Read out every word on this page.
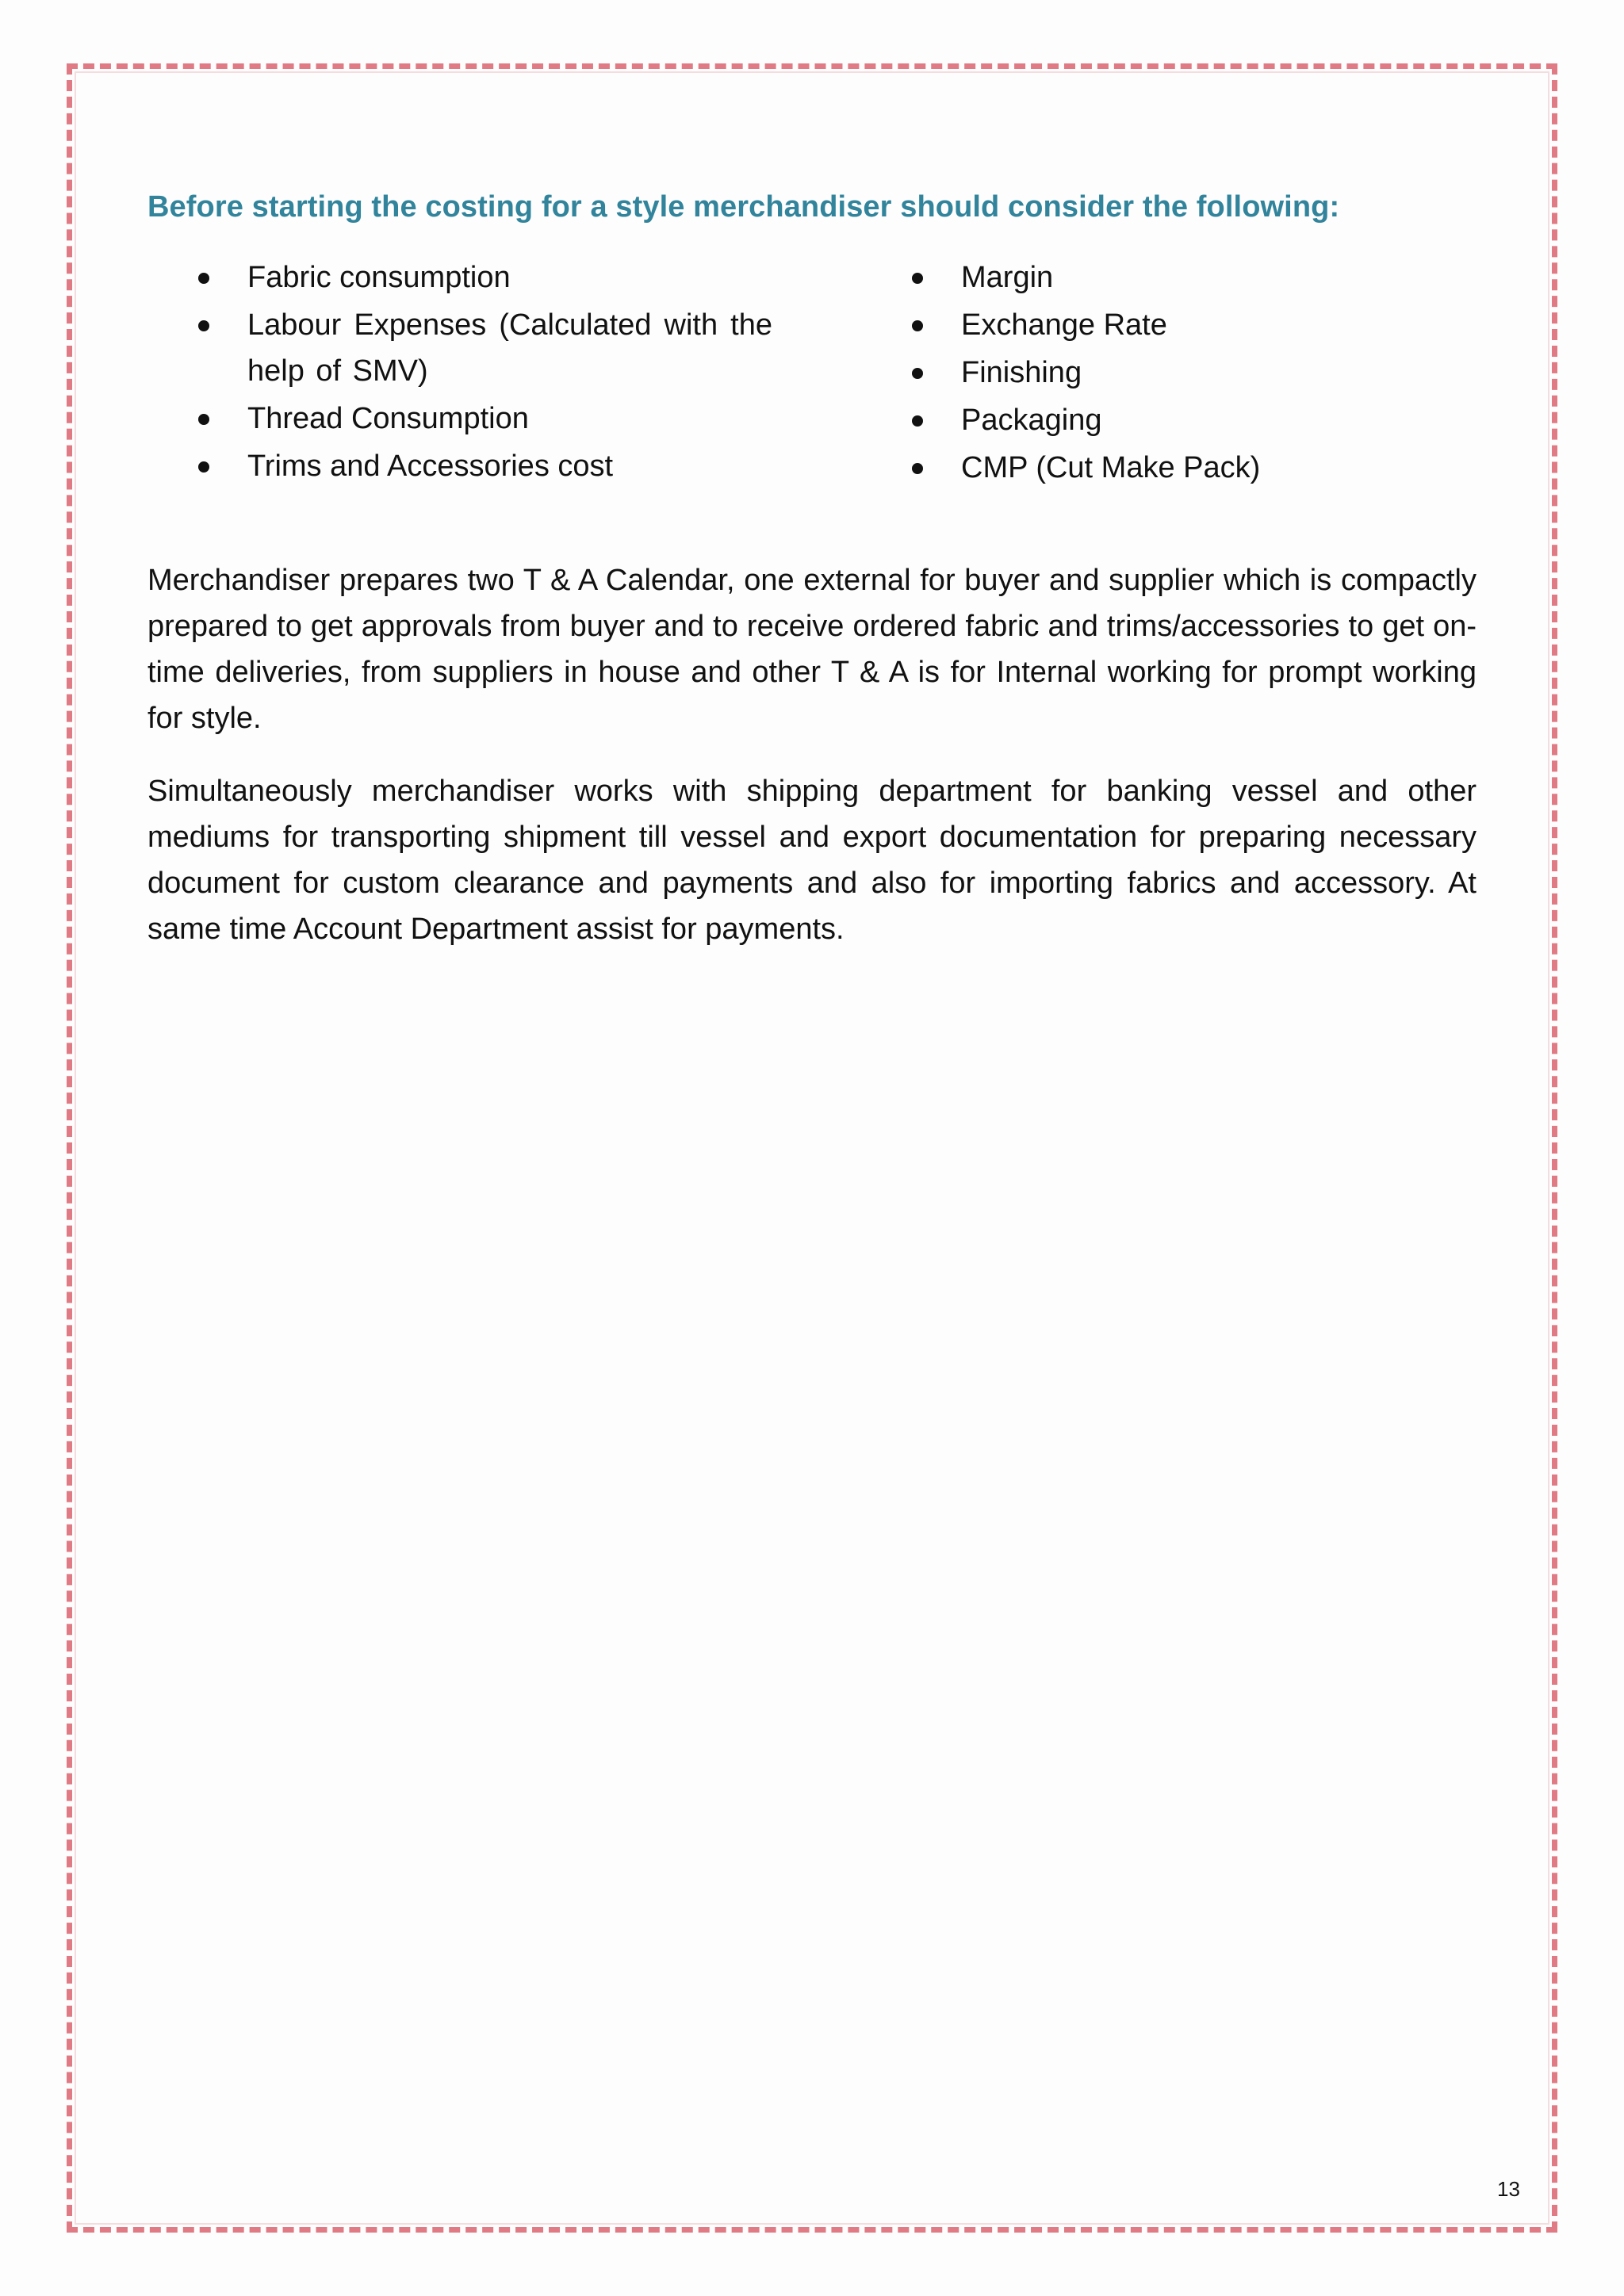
Before starting the costing for a style merchandiser should consider the following:
Fabric consumption
Labour Expenses (Calculated with the help of SMV)
Thread Consumption
Trims and Accessories cost
Margin
Exchange Rate
Finishing
Packaging
CMP (Cut Make Pack)

Merchandiser prepares two T & A Calendar, one external for buyer and supplier which is compactly prepared to get approvals from buyer and to receive ordered fabric and trims/accessories to get on-time deliveries, from suppliers in house and other T & A is for Internal working for prompt working for style.

Simultaneously merchandiser works with shipping department for banking vessel and other mediums for transporting shipment till vessel and export documentation for preparing necessary document for custom clearance and payments and also for importing fabrics and accessory. At same time Account Department assist for payments.

13
